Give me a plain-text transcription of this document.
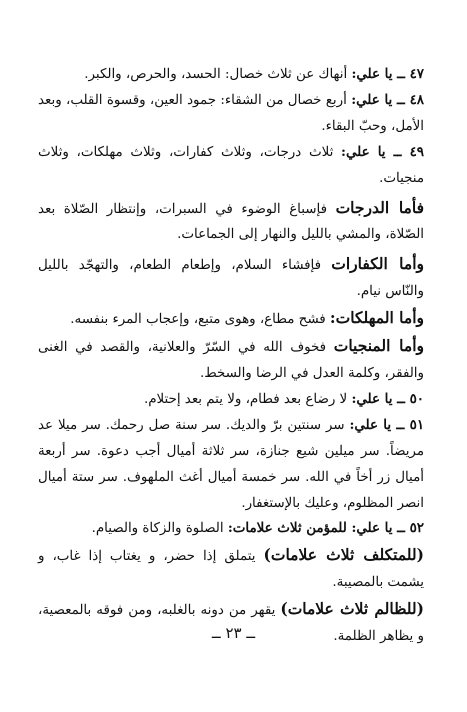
٤٧ ــ يا علي: أنهاك عن ثلاث خصال: الحسد، والحرص، والكبر.

٤٨ ــ يا علي: أربع خصال من الشقاء: جمود العين، وقسوة القلب، وبعد الأمل، وحبّ البقاء.

٤٩ ــ يا علي: ثلاث درجات، وثلاث كفارات، وثلاث مهلكات، وثلاث منجيات.

فأما الدرجات فإسباغ الوضوء في السبرات، وإنتظار الصّلاة بعد الصّلاة، والمشي بالليل والنهار إلى الجماعات.

وأما الكفارات فإفشاء السلام، وإطعام الطعام، والتهجّد بالليل والنّاس نيام.

وأما المهلكات: فشح مطاع، وهوى متبع، وإعجاب المرء بنفسه.

وأما المنجيات فخوف الله في السّرّ والعلانية، والقصد في الغنى والفقر، وكلمة العدل في الرضا والسخط.

٥٠ ــ يا علي: لا رضاع بعد فطام، ولا يتم بعد إحتلام.

٥١ ــ يا علي: سر سنتين برّ والديك. سر سنة صل رحمك. سر ميلا عد مريضاً. سر ميلين شيع جنازة، سر ثلاثة أميال أجب دعوة. سر أربعة أميال زر أخاً في الله. سر خمسة أميال أغث الملهوف. سر ستة أميال انصر المظلوم، وعليك بالإستغفار.

٥٢ ــ يا علي: للمؤمن ثلاث علامات: الصلوة والزكاة والصيام.

(للمتكلف ثلاث علامات) يتملق إذا حضر، و يغتاب إذا غاب، و يشمت بالمصيبة.

(للظالم ثلاث علامات) يقهر من دونه بالغلبه، ومن فوقه بالمعصية، و يظاهر الظلمة.

ــ ٢٣ ــ
